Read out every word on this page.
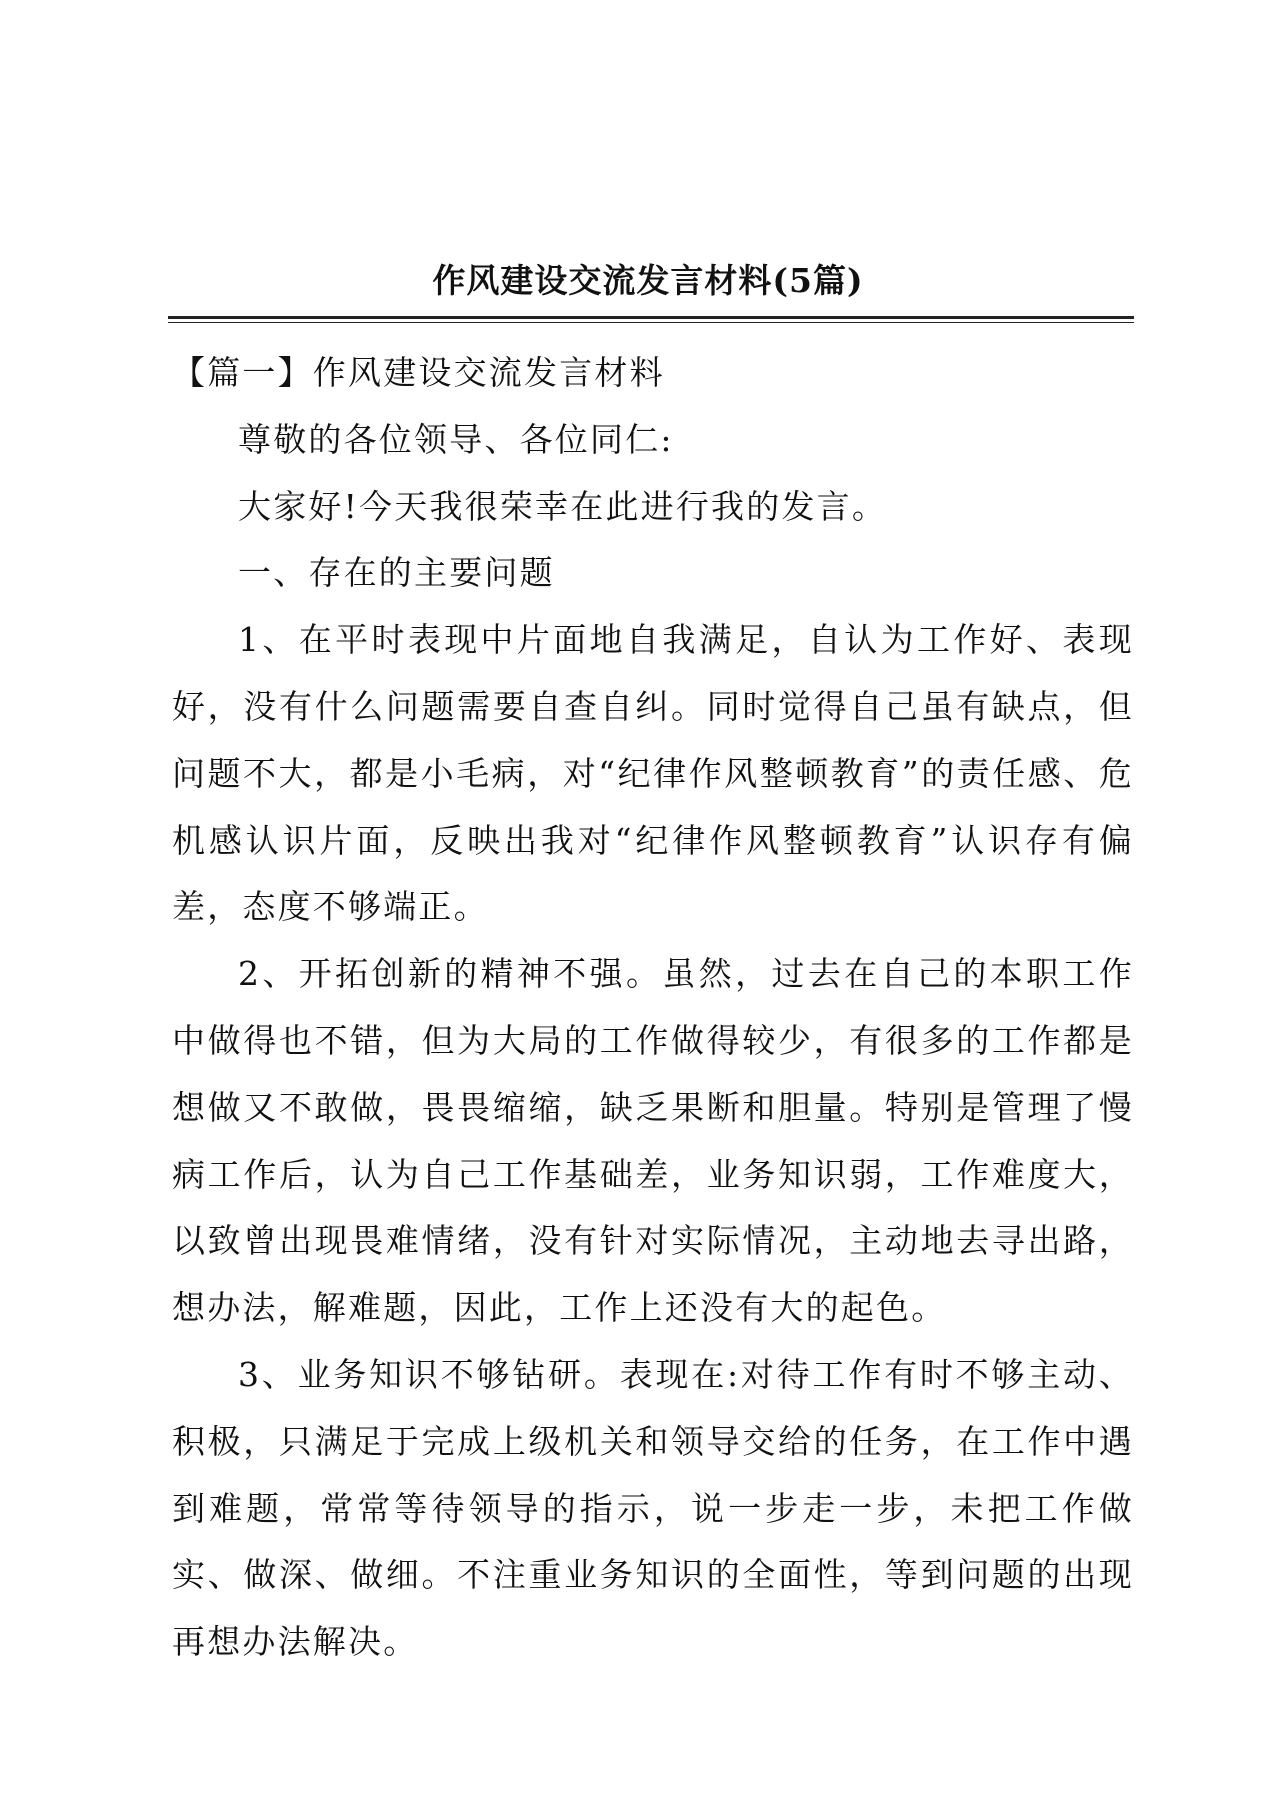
作风建设交流发言材料(5篇)

【篇一】作风建设交流发言材料

尊敬的各位领导、各位同仁:

大家好!今天我很荣幸在此进行我的发言。

一、存在的主要问题

1、在平时表现中片面地自我满足，自认为工作好、表现好，没有什么问题需要自查自纠。同时觉得自己虽有缺点，但问题不大，都是小毛病，对“纪律作风整顿教育”的责任感、危机感认识片面，反映出我对“纪律作风整顿教育”认识存有偏差，态度不够端正。

2、开拓创新的精神不强。虽然，过去在自己的本职工作中做得也不错，但为大局的工作做得较少，有很多的工作都是想做又不敢做，畏畏缩缩，缺乏果断和胆量。特别是管理了慢病工作后，认为自己工作基础差，业务知识弱，工作难度大，以致曾出现畏难情绪，没有针对实际情况，主动地去寻出路，想办法，解难题，因此，工作上还没有大的起色。

3、业务知识不够钻研。表现在:对待工作有时不够主动、积极，只满足于完成上级机关和领导交给的任务，在工作中遇到难题，常常等待领导的指示，说一步走一步，未把工作做实、做深、做细。不注重业务知识的全面性，等到问题的出现再想办法解决。
